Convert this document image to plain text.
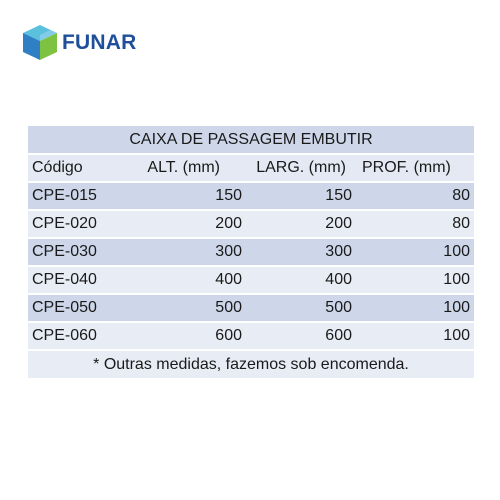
FUNAR
CAIXA DE PASSAGEM EMBUTIR			
Código	ALT. (mm)	LARG. (mm)	PROF. (mm)
CPE-015	150	150	80
CPE-020	200	200	80
CPE-030	300	300	100
CPE-040	400	400	100
CPE-050	500	500	100
CPE-060	600	600	100
* Outras medidas, fazemos sob encomenda.			
